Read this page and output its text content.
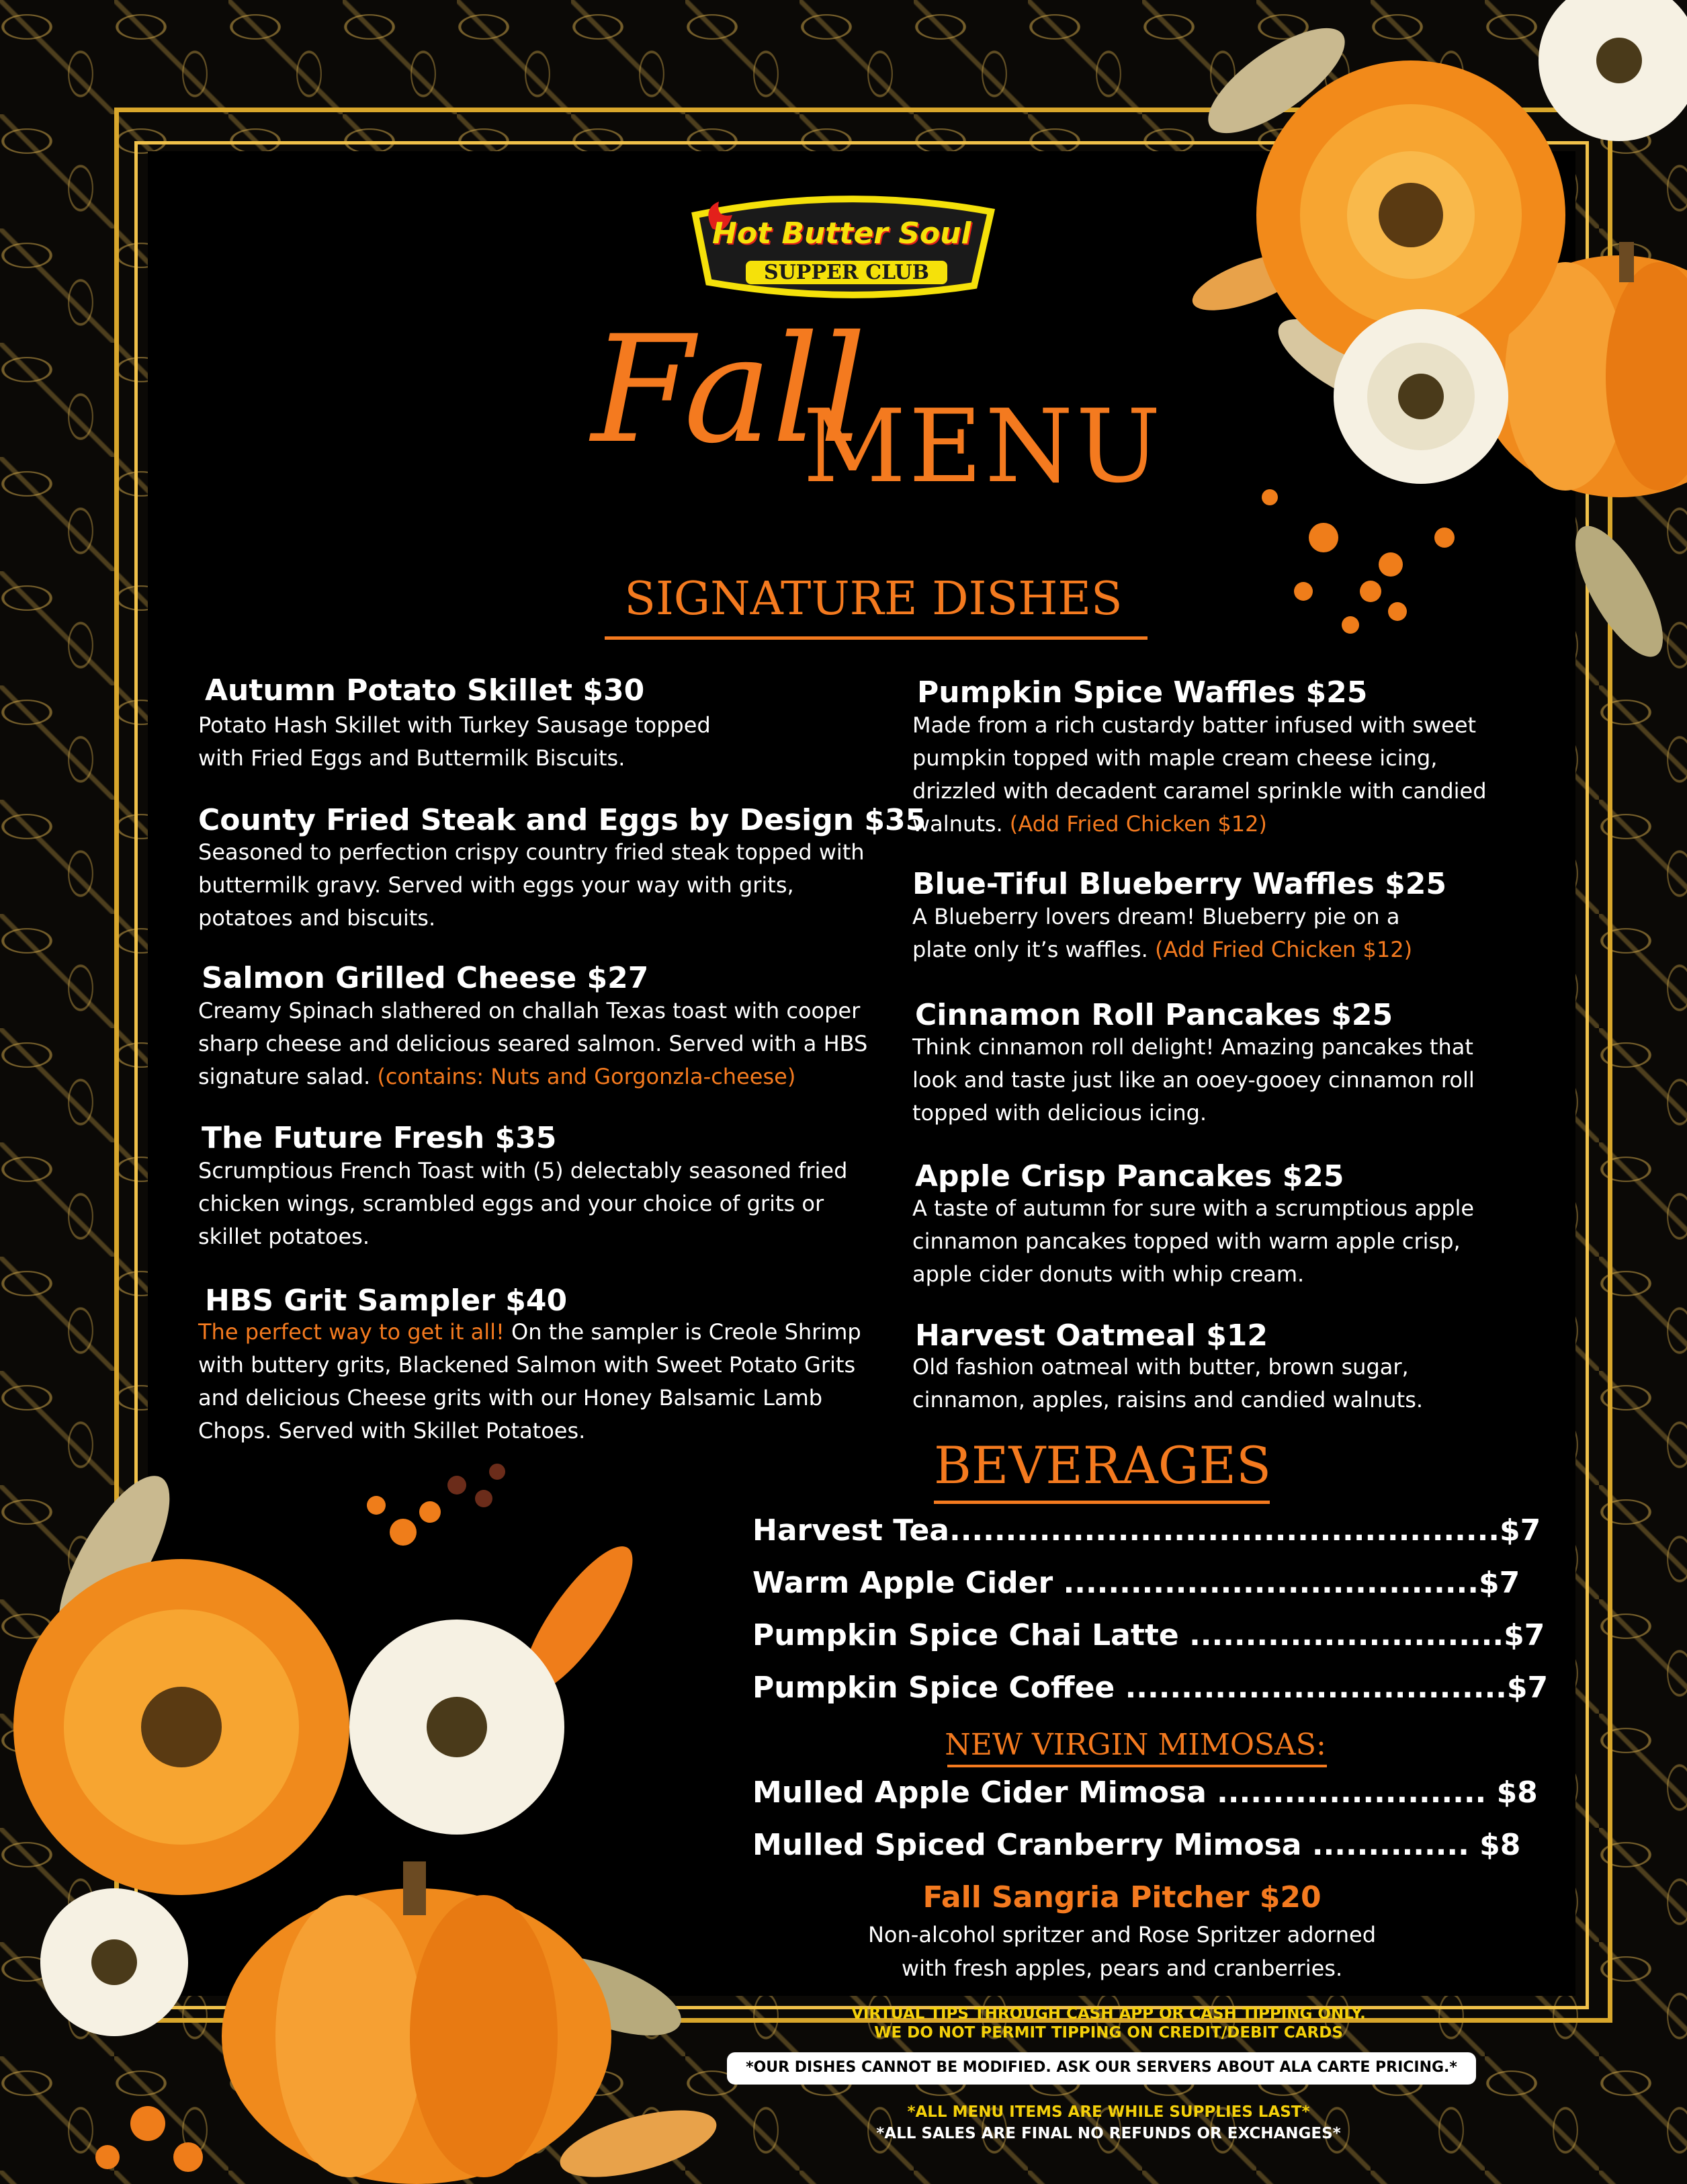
Hot Butter Soul
SUPPER CLUB
Fall
MENU
SIGNATURE DISHES
Autumn Potato Skillet $30
Potato Hash Skillet with Turkey Sausage topped with Fried Eggs and Buttermilk Biscuits.
County Fried Steak and Eggs by Design $35
Seasoned to perfection crispy country fried steak topped with buttermilk gravy. Served with eggs your way with grits, potatoes and biscuits.
Salmon Grilled Cheese $27
Creamy Spinach slathered on challah Texas toast with cooper sharp cheese and delicious seared salmon. Served with a HBS signature salad. (contains: Nuts and Gorgonzla-cheese)
The Future Fresh $35
Scrumptious French Toast with (5) delectably seasoned fried chicken wings, scrambled eggs and your choice of grits or skillet potatoes.
HBS Grit Sampler $40
The perfect way to get it all! On the sampler is Creole Shrimp with buttery grits, Blackened Salmon with Sweet Potato Grits and delicious Cheese grits with our Honey Balsamic Lamb Chops. Served with Skillet Potatoes.
Pumpkin Spice Waffles $25
Made from a rich custardy batter infused with sweet pumpkin topped with maple cream cheese icing, drizzled with decadent caramel sprinkle with candied walnuts. (Add Fried Chicken $12)
Blue-Tiful Blueberry Waffles $25
A Blueberry lovers dream! Blueberry pie on a plate only it’s waffles. (Add Fried Chicken $12)
Cinnamon Roll Pancakes $25
Think cinnamon roll delight! Amazing pancakes that look and taste just like an ooey-gooey cinnamon roll topped with delicious icing.
Apple Crisp Pancakes $25
A taste of autumn for sure with a scrumptious apple cinnamon pancakes topped with warm apple crisp, apple cider donuts with whip cream.
Harvest Oatmeal $12
Old fashion oatmeal with butter, brown sugar, cinnamon, apples, raisins and candied walnuts.
BEVERAGES
Harvest Tea.................................................$7
Warm Apple Cider .....................................$7
Pumpkin Spice Chai Latte ............................$7
Pumpkin Spice Coffee ..................................$7
NEW VIRGIN MIMOSAS:
Mulled Apple Cider Mimosa ........................ $8
Mulled Spiced Cranberry Mimosa .............. $8
Fall Sangria Pitcher $20
Non-alcohol spritzer and Rose Spritzer adorned
with fresh apples, pears and cranberries.
VIRTUAL TIPS THROUGH CASH APP OR CASH TIPPING ONLY.
WE DO NOT PERMIT TIPPING ON CREDIT/DEBIT CARDS
*OUR DISHES CANNOT BE MODIFIED. ASK OUR SERVERS ABOUT ALA CARTE PRICING.*
*ALL MENU ITEMS ARE WHILE SUPPLIES LAST*
*ALL SALES ARE FINAL NO REFUNDS OR EXCHANGES*
